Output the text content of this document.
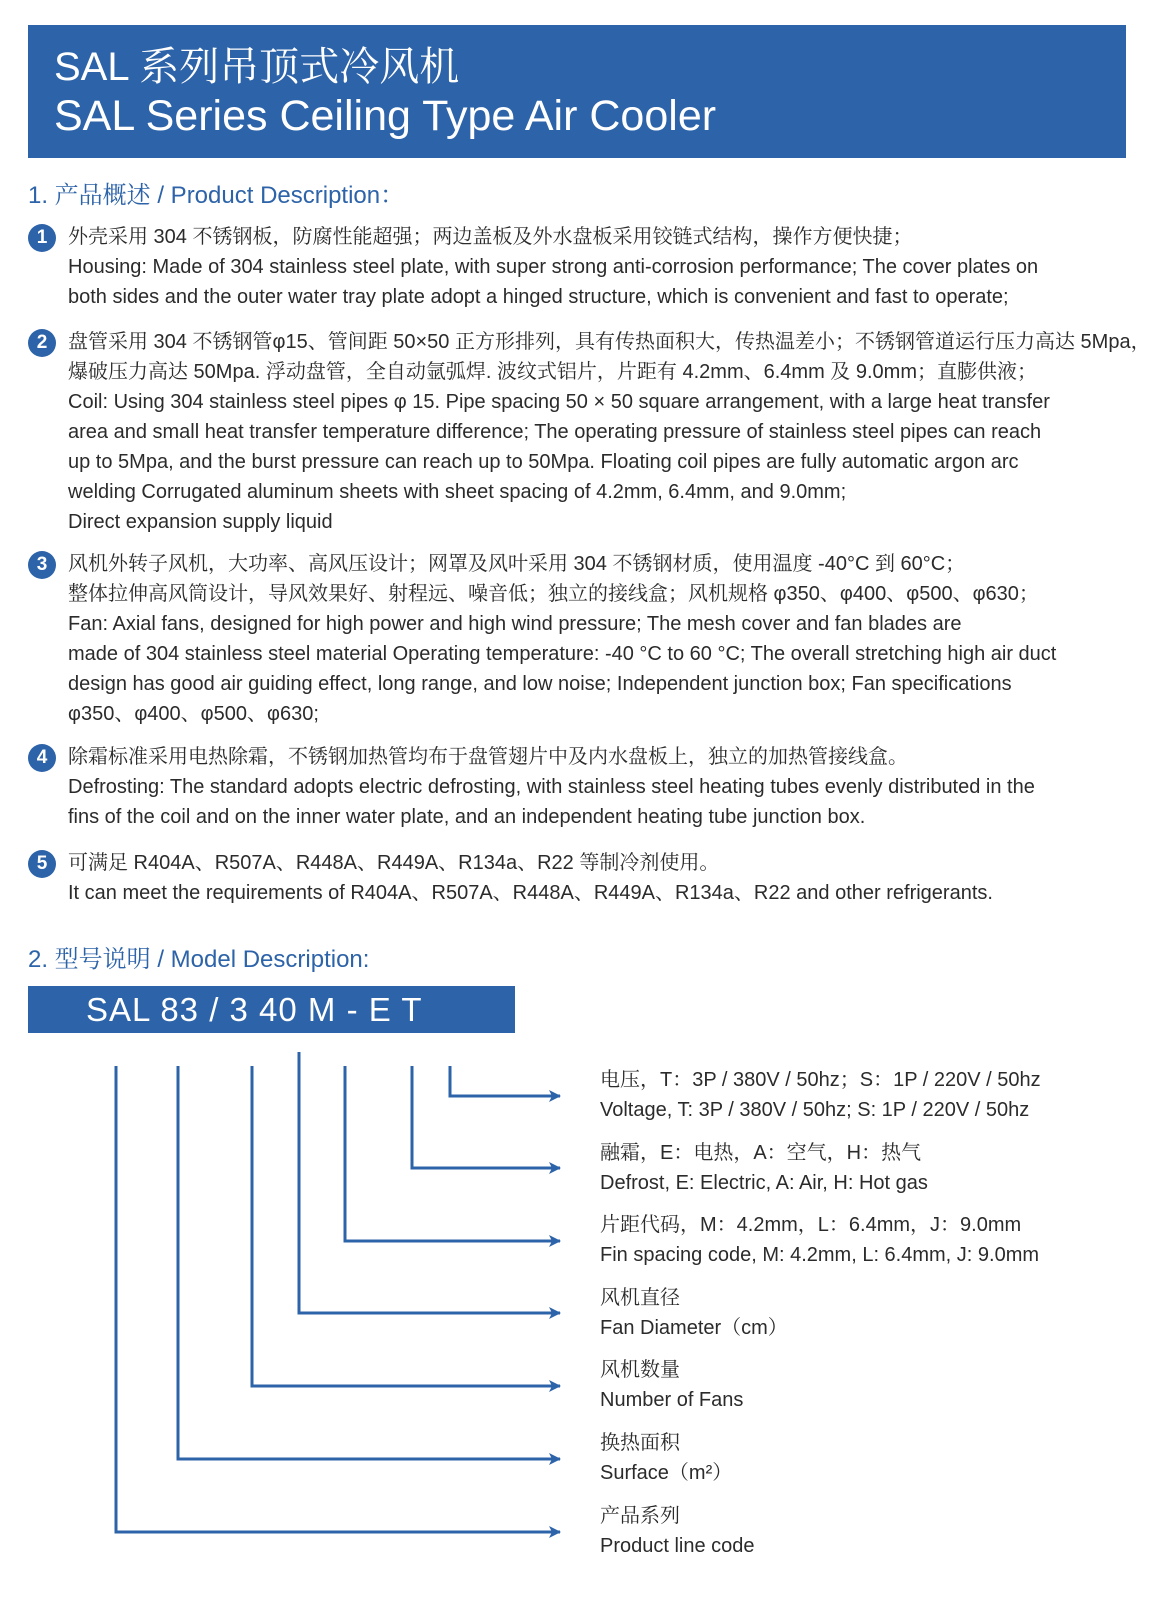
SAL 系列吊顶式冷风机
SAL Series Ceiling Type Air Cooler
1. 产品概述 / Product Description：
1	外壳采用 304 不锈钢板，防腐性能超强；两边盖板及外水盘板采用铰链式结构，操作方便快捷；
Housing: Made of 304 stainless steel plate, with super strong anti-corrosion performance; The cover plates on
both sides and the outer water tray plate adopt a hinged structure, which is convenient and fast to operate;
2	盘管采用 304 不锈钢管φ15、管间距 50×50 正方形排列，具有传热面积大，传热温差小；不锈钢管道运行压力高达 5Mpa，
爆破压力高达 50Mpa. 浮动盘管，全自动氩弧焊. 波纹式铝片，片距有 4.2mm、6.4mm 及 9.0mm；直膨供液；
Coil: Using 304 stainless steel pipes φ 15. Pipe spacing 50 × 50 square arrangement, with a large heat transfer
area and small heat transfer temperature difference; The operating pressure of stainless steel pipes can reach
up to 5Mpa, and the burst pressure can reach up to 50Mpa. Floating coil pipes are fully automatic argon arc
welding Corrugated aluminum sheets with sheet spacing of 4.2mm, 6.4mm, and 9.0mm;
Direct expansion supply liquid
3	风机外转子风机，大功率、高风压设计；网罩及风叶采用 304 不锈钢材质，使用温度 -40°C 到 60°C；
整体拉伸高风筒设计，导风效果好、射程远、噪音低；独立的接线盒；风机规格 φ350、φ400、φ500、φ630；
Fan: Axial fans, designed for high power and high wind pressure; The mesh cover and fan blades are
made of 304 stainless steel material Operating temperature: -40 °C to 60 °C; The overall stretching high air duct
design has good air guiding effect, long range, and low noise; Independent junction box; Fan specifications
φ350、φ400、φ500、φ630;
4	除霜标准采用电热除霜，不锈钢加热管均布于盘管翅片中及内水盘板上，独立的加热管接线盒。
Defrosting: The standard adopts electric defrosting, with stainless steel heating tubes evenly distributed in the
fins of the coil and on the inner water plate, and an independent heating tube junction box.
5	可满足 R404A、R507A、R448A、R449A、R134a、R22 等制冷剂使用。
It can meet the requirements of R404A、R507A、R448A、R449A、R134a、R22 and other refrigerants.
2. 型号说明 / Model Description:
SAL 83 / 3 40 M - E T
电压，T：3P / 380V / 50hz；S：1P / 220V / 50hz
Voltage, T: 3P / 380V / 50hz; S: 1P / 220V / 50hz
融霜，E：电热，A：空气，H：热气
Defrost, E: Electric, A: Air, H: Hot gas
片距代码，M：4.2mm，L：6.4mm，J：9.0mm
Fin spacing code, M: 4.2mm, L: 6.4mm, J: 9.0mm
风机直径
Fan Diameter（cm）
风机数量
Number of Fans
换热面积
Surface（m²）
产品系列
Product line code
